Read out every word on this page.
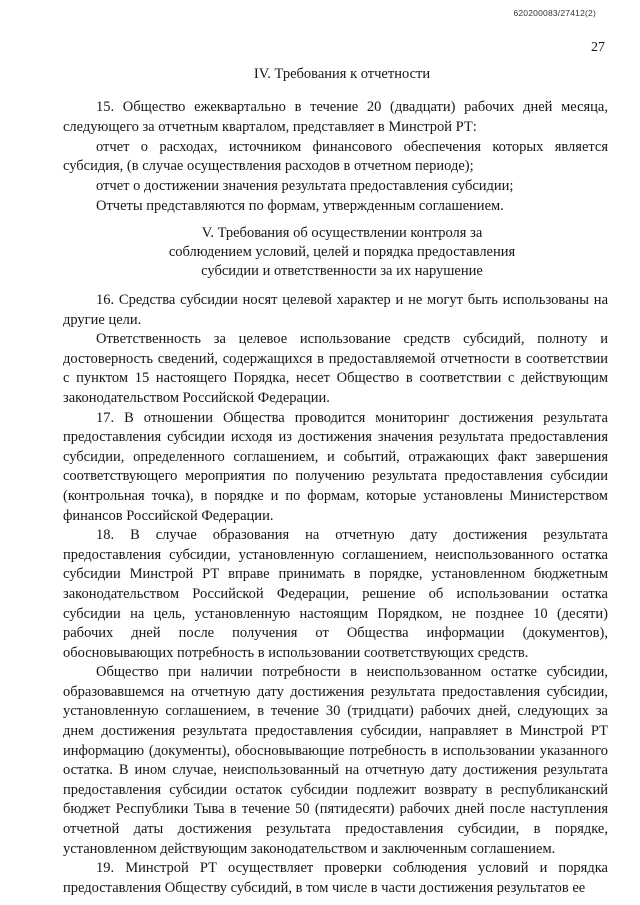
620200083/27412(2)
27
IV. Требования к отчетности

15. Общество ежеквартально в течение 20 (двадцати) рабочих дней месяца, следующего за отчетным кварталом, представляет в Минстрой РТ:

отчет о расходах, источником финансового обеспечения которых является субсидия, (в случае осуществления расходов в отчетном периоде);

отчет о достижении значения результата предоставления субсидии;

Отчеты представляются по формам, утвержденным соглашением.

V. Требования об осуществлении контроля за
соблюдением условий, целей и порядка предоставления
субсидии и ответственности за их нарушение

16. Средства субсидии носят целевой характер и не могут быть использованы на другие цели.

Ответственность за целевое использование средств субсидий, полноту и достоверность сведений, содержащихся в предоставляемой отчетности в соответствии с пунктом 15 настоящего Порядка, несет Общество в соответствии с действующим законодательством Российской Федерации.

17. В отношении Общества проводится мониторинг достижения результата предоставления субсидии исходя из достижения значения результата предоставления субсидии, определенного соглашением, и событий, отражающих факт завершения соответствующего мероприятия по получению результата предоставления субсидии (контрольная точка), в порядке и по формам, которые установлены Министерством финансов Российской Федерации.

18. В случае образования на отчетную дату достижения результата предоставления субсидии, установленную соглашением, неиспользованного остатка субсидии Минстрой РТ вправе принимать в порядке, установленном бюджетным законодательством Российской Федерации, решение об использовании остатка субсидии на цель, установленную настоящим Порядком, не позднее 10 (десяти) рабочих дней после получения от Общества информации (документов), обосновывающих потребность в использовании соответствующих средств.

Общество при наличии потребности в неиспользованном остатке субсидии, образовавшемся на отчетную дату достижения результата предоставления субсидии, установленную соглашением, в течение 30 (тридцати) рабочих дней, следующих за днем достижения результата предоставления субсидии, направляет в Минстрой РТ информацию (документы), обосновывающие потребность в использовании указанного остатка. В ином случае, неиспользованный на отчетную дату достижения результата предоставления субсидии остаток субсидии подлежит возврату в республиканский бюджет Республики Тыва в течение 50 (пятидесяти) рабочих дней после наступления отчетной даты достижения результата предоставления субсидии, в порядке, установленном действующим законодательством и заключенным соглашением.

19. Минстрой РТ осуществляет проверки соблюдения условий и порядка предоставления Обществу субсидий, в том числе в части достижения результатов ее
